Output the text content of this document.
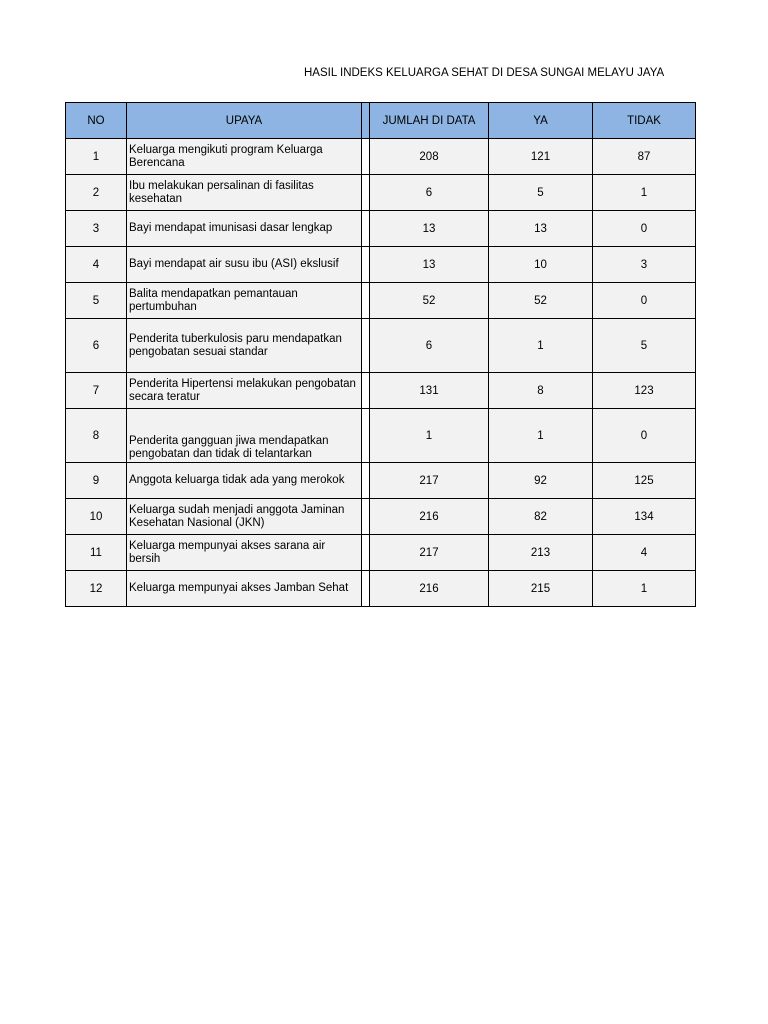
HASIL INDEKS KELUARGA SEHAT DI DESA SUNGAI MELAYU JAYA
NO	UPAYA		JUMLAH DI DATA	YA	TIDAK
1	Keluarga mengikuti program Keluarga Berencana		208	121	87
2	Ibu melakukan persalinan di fasilitas kesehatan		6	5	1
3	Bayi mendapat imunisasi dasar lengkap		13	13	0
4	Bayi mendapat air susu ibu (ASI) ekslusif		13	10	3
5	Balita mendapatkan pemantauan pertumbuhan		52	52	0
6	Penderita tuberkulosis paru mendapatkan pengobatan sesuai standar		6	1	5
7	Penderita Hipertensi melakukan pengobatan secara teratur		131	8	123
8	Penderita gangguan jiwa mendapatkan pengobatan dan tidak di telantarkan		1	1	0
9	Anggota keluarga tidak ada yang merokok		217	92	125
10	Keluarga sudah menjadi anggota Jaminan Kesehatan Nasional (JKN)		216	82	134
11	Keluarga mempunyai akses sarana air bersih		217	213	4
12	Keluarga mempunyai akses Jamban Sehat		216	215	1
